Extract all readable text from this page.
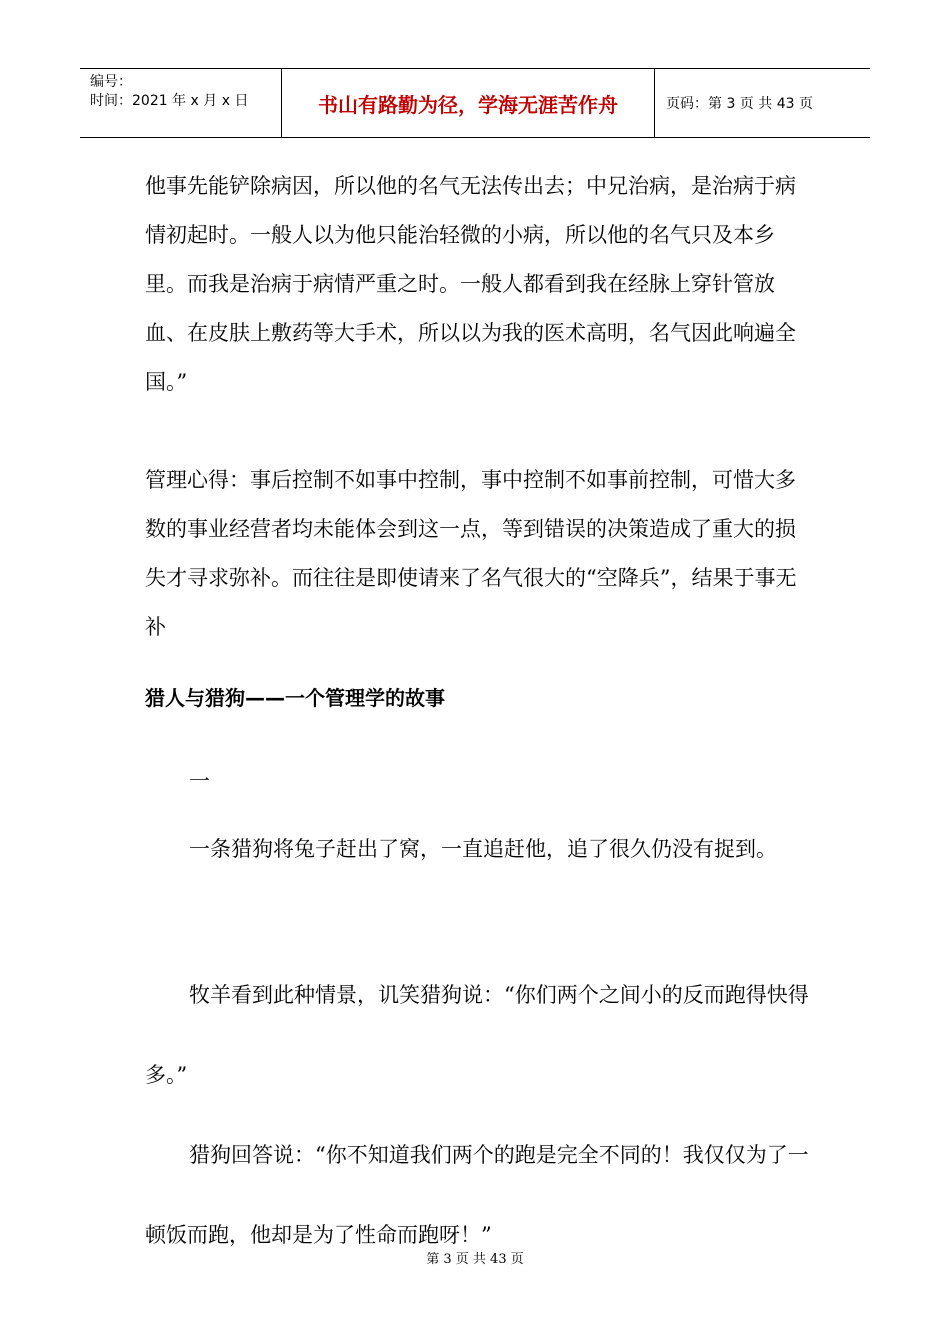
编号：
时间：2021 年 x 月 x 日	书山有路勤为径，学海无涯苦作舟	页码：第 3 页 共 43 页

他事先能铲除病因，所以他的名气无法传出去；中兄治病，是治病于病情初起时。一般人以为他只能治轻微的小病，所以他的名气只及本乡里。而我是治病于病情严重之时。一般人都看到我在经脉上穿针管放血、在皮肤上敷药等大手术，所以以为我的医术高明，名气因此响遍全国。”

管理心得：事后控制不如事中控制，事中控制不如事前控制，可惜大多数的事业经营者均未能体会到这一点，等到错误的决策造成了重大的损失才寻求弥补。而往往是即使请来了名气很大的“空降兵”，结果于事无补

猎人与猎狗——一个管理学的故事

一

一条猎狗将兔子赶出了窝，一直追赶他，追了很久仍没有捉到。

牧羊看到此种情景，讥笑猎狗说：“你们两个之间小的反而跑得快得多。”

猎狗回答说：“你不知道我们两个的跑是完全不同的！我仅仅为了一顿饭而跑，他却是为了性命而跑呀！”

第 3 页 共 43 页
